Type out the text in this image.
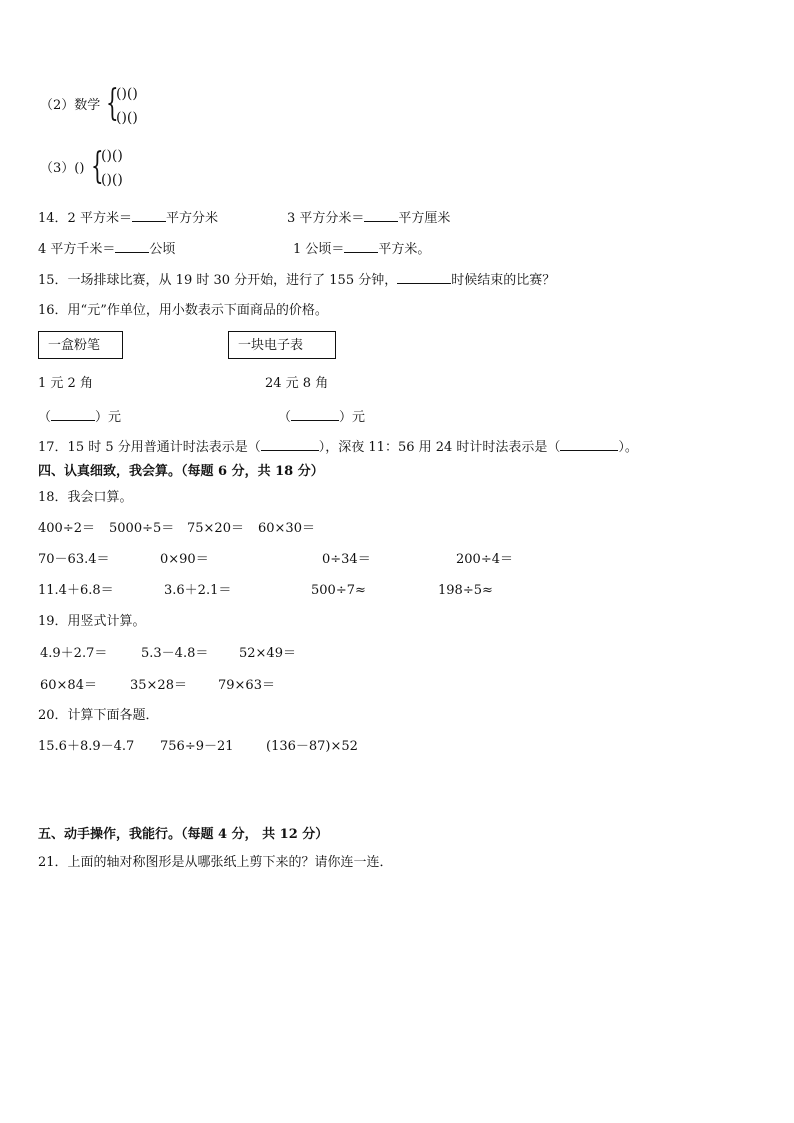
（2）数学 {
()()
()()
（3）() {
()()
()()
14．2 平方米＝	平方分米	3 平方分米＝	平方厘米
4 平方千米＝	公顷	1 公顷＝	平方米。
15．一场排球比赛，从 19 时 30 分开始，进行了 155 分钟，	时候结束的比赛？
16．用“元”作单位，用小数表示下面商品的价格。
一盒粉笔	一块电子表
1 元 2 角	24 元 8 角
（	）元	（	）元
17．15 时 5 分用普通计时法表示是（	），深夜 11：56 用 24 时计时法表示是（	）。
四、认真细致，我会算。（每题 6 分，共 18 分）
18．我会口算。
400÷2＝ 5000÷5＝ 75×20＝ 60×30＝
70－63.4＝	0×90＝	0÷34＝	200÷4＝
11.4＋6.8＝	3.6＋2.1＝	500÷7≈	198÷5≈
19．用竖式计算。
4.9＋2.7＝	5.3－4.8＝ 52×49＝
60×84＝	35×28＝ 79×63＝
20．计算下面各题．
15.6＋8.9－4.7 756÷9－21 (136－87)×52
五、动手操作，我能行。（每题 4 分， 共 12 分）
21．上面的轴对称图形是从哪张纸上剪下来的？请你连一连．
